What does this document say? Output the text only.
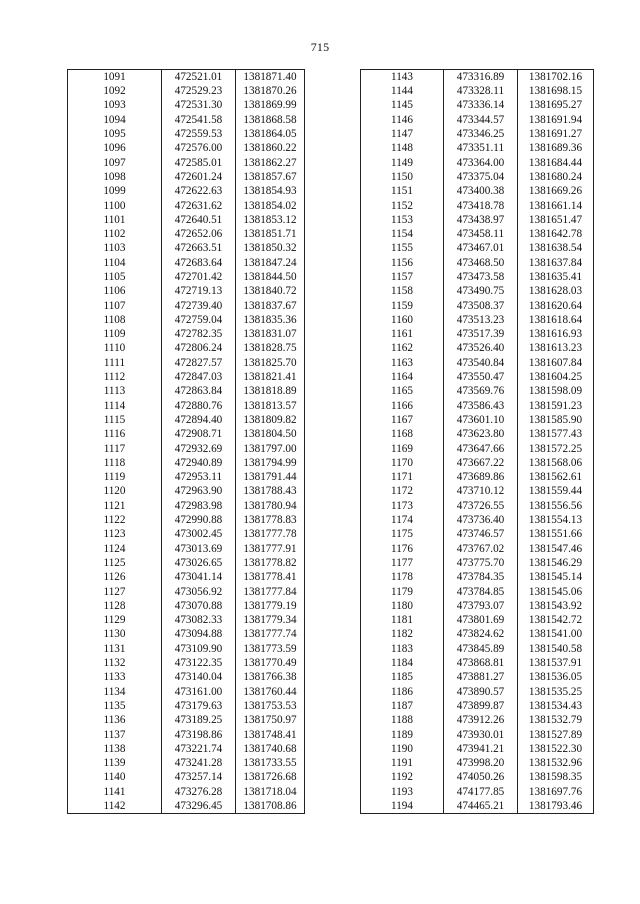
715
1091	472521.01	1381871.40
1092	472529.23	1381870.26
1093	472531.30	1381869.99
1094	472541.58	1381868.58
1095	472559.53	1381864.05
1096	472576.00	1381860.22
1097	472585.01	1381862.27
1098	472601.24	1381857.67
1099	472622.63	1381854.93
1100	472631.62	1381854.02
1101	472640.51	1381853.12
1102	472652.06	1381851.71
1103	472663.51	1381850.32
1104	472683.64	1381847.24
1105	472701.42	1381844.50
1106	472719.13	1381840.72
1107	472739.40	1381837.67
1108	472759.04	1381835.36
1109	472782.35	1381831.07
1110	472806.24	1381828.75
1111	472827.57	1381825.70
1112	472847.03	1381821.41
1113	472863.84	1381818.89
1114	472880.76	1381813.57
1115	472894.40	1381809.82
1116	472908.71	1381804.50
1117	472932.69	1381797.00
1118	472940.89	1381794.99
1119	472953.11	1381791.44
1120	472963.90	1381788.43
1121	472983.98	1381780.94
1122	472990.88	1381778.83
1123	473002.45	1381777.78
1124	473013.69	1381777.91
1125	473026.65	1381778.82
1126	473041.14	1381778.41
1127	473056.92	1381777.84
1128	473070.88	1381779.19
1129	473082.33	1381779.34
1130	473094.88	1381777.74
1131	473109.90	1381773.59
1132	473122.35	1381770.49
1133	473140.04	1381766.38
1134	473161.00	1381760.44
1135	473179.63	1381753.53
1136	473189.25	1381750.97
1137	473198.86	1381748.41
1138	473221.74	1381740.68
1139	473241.28	1381733.55
1140	473257.14	1381726.68
1141	473276.28	1381718.04
1142	473296.45	1381708.86
1143	473316.89	1381702.16
1144	473328.11	1381698.15
1145	473336.14	1381695.27
1146	473344.57	1381691.94
1147	473346.25	1381691.27
1148	473351.11	1381689.36
1149	473364.00	1381684.44
1150	473375.04	1381680.24
1151	473400.38	1381669.26
1152	473418.78	1381661.14
1153	473438.97	1381651.47
1154	473458.11	1381642.78
1155	473467.01	1381638.54
1156	473468.50	1381637.84
1157	473473.58	1381635.41
1158	473490.75	1381628.03
1159	473508.37	1381620.64
1160	473513.23	1381618.64
1161	473517.39	1381616.93
1162	473526.40	1381613.23
1163	473540.84	1381607.84
1164	473550.47	1381604.25
1165	473569.76	1381598.09
1166	473586.43	1381591.23
1167	473601.10	1381585.90
1168	473623.80	1381577.43
1169	473647.66	1381572.25
1170	473667.22	1381568.06
1171	473689.86	1381562.61
1172	473710.12	1381559.44
1173	473726.55	1381556.56
1174	473736.40	1381554.13
1175	473746.57	1381551.66
1176	473767.02	1381547.46
1177	473775.70	1381546.29
1178	473784.35	1381545.14
1179	473784.85	1381545.06
1180	473793.07	1381543.92
1181	473801.69	1381542.72
1182	473824.62	1381541.00
1183	473845.89	1381540.58
1184	473868.81	1381537.91
1185	473881.27	1381536.05
1186	473890.57	1381535.25
1187	473899.87	1381534.43
1188	473912.26	1381532.79
1189	473930.01	1381527.89
1190	473941.21	1381522.30
1191	473998.20	1381532.96
1192	474050.26	1381598.35
1193	474177.85	1381697.76
1194	474465.21	1381793.46
